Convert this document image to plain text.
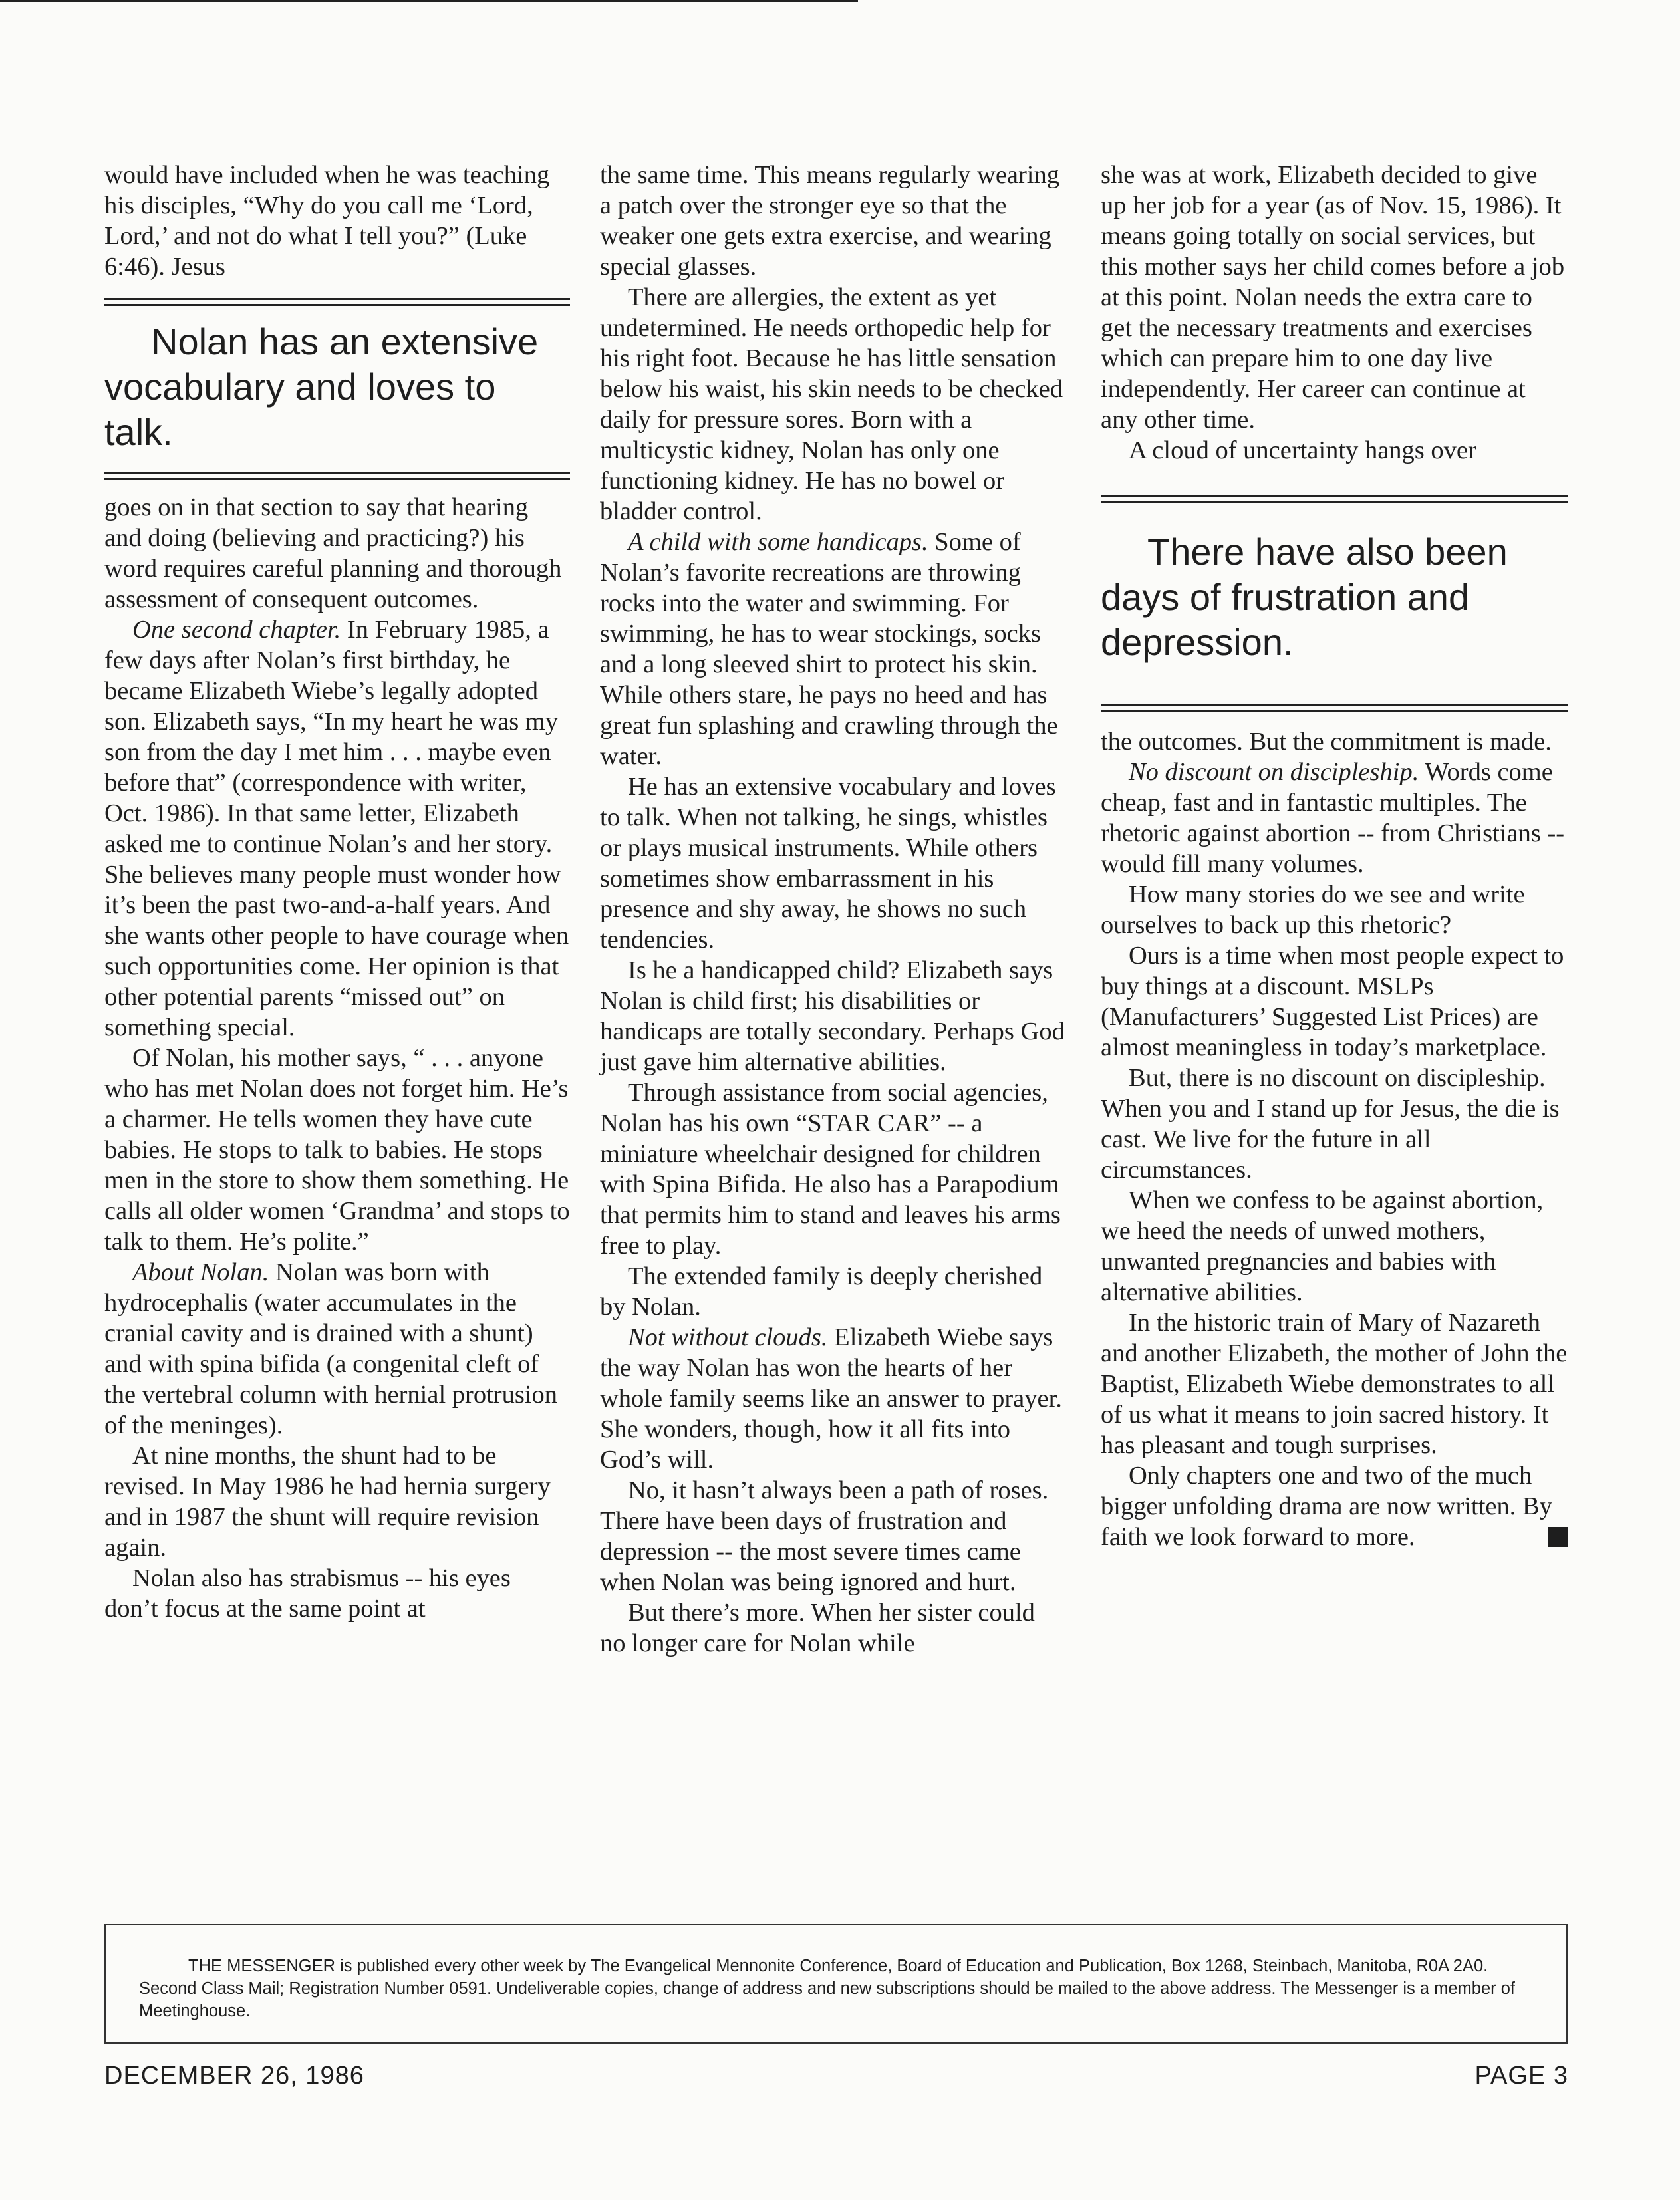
would have included when he was teaching his disciples, “Why do you call me ‘Lord, Lord,’ and not do what I tell you?” (Luke 6:46). Jesus

Nolan has an extensive vocabulary and loves to talk.

goes on in that section to say that hearing and doing (believing and practicing?) his word requires careful planning and thorough assessment of consequent outcomes.

One second chapter. In February 1985, a few days after Nolan’s first birthday, he became Elizabeth Wiebe’s legally adopted son. Elizabeth says, “In my heart he was my son from the day I met him . . . maybe even before that” (correspondence with writer, Oct. 1986). In that same letter, Elizabeth asked me to continue Nolan’s and her story. She believes many people must wonder how it’s been the past two-and-a-half years. And she wants other people to have courage when such opportunities come. Her opinion is that other potential parents “missed out” on something special.

Of Nolan, his mother says, “ . . . anyone who has met Nolan does not forget him. He’s a charmer. He tells women they have cute babies. He stops to talk to babies. He stops men in the store to show them something. He calls all older women ‘Grandma’ and stops to talk to them. He’s polite.”

About Nolan. Nolan was born with hydrocephalis (water accumulates in the cranial cavity and is drained with a shunt) and with spina bifida (a congenital cleft of the vertebral column with hernial protrusion of the meninges).

At nine months, the shunt had to be revised. In May 1986 he had hernia surgery and in 1987 the shunt will require revision again.

Nolan also has strabismus -- his eyes don’t focus at the same point at

the same time. This means regularly wearing a patch over the stronger eye so that the weaker one gets extra exercise, and wearing special glasses.

There are allergies, the extent as yet undetermined. He needs orthopedic help for his right foot. Because he has little sensation below his waist, his skin needs to be checked daily for pressure sores. Born with a multicystic kidney, Nolan has only one functioning kidney. He has no bowel or bladder control.

A child with some handicaps. Some of Nolan’s favorite recreations are throwing rocks into the water and swimming. For swimming, he has to wear stockings, socks and a long sleeved shirt to protect his skin. While others stare, he pays no heed and has great fun splashing and crawling through the water.

He has an extensive vocabulary and loves to talk. When not talking, he sings, whistles or plays musical instruments. While others sometimes show embarrassment in his presence and shy away, he shows no such tendencies.

Is he a handicapped child? Elizabeth says Nolan is child first; his disabilities or handicaps are totally secondary. Perhaps God just gave him alternative abilities.

Through assistance from social agencies, Nolan has his own “STAR CAR” -- a miniature wheelchair designed for children with Spina Bifida. He also has a Parapodium that permits him to stand and leaves his arms free to play.

The extended family is deeply cherished by Nolan.

Not without clouds. Elizabeth Wiebe says the way Nolan has won the hearts of her whole family seems like an answer to prayer. She wonders, though, how it all fits into God’s will.

No, it hasn’t always been a path of roses. There have been days of frustration and depression -- the most severe times came when Nolan was being ignored and hurt.

But there’s more. When her sister could no longer care for Nolan while

she was at work, Elizabeth decided to give up her job for a year (as of Nov. 15, 1986). It means going totally on social services, but this mother says her child comes before a job at this point. Nolan needs the extra care to get the necessary treatments and exercises which can prepare him to one day live independently. Her career can continue at any other time.

A cloud of uncertainty hangs over

There have also been days of frustration and depression.

the outcomes. But the commitment is made.

No discount on discipleship. Words come cheap, fast and in fantastic multiples. The rhetoric against abortion -- from Christians -- would fill many volumes.

How many stories do we see and write ourselves to back up this rhetoric?

Ours is a time when most people expect to buy things at a discount. MSLPs (Manufacturers’ Suggested List Prices) are almost meaningless in today’s marketplace.

But, there is no discount on discipleship. When you and I stand up for Jesus, the die is cast. We live for the future in all circumstances.

When we confess to be against abortion, we heed the needs of unwed mothers, unwanted pregnancies and babies with alternative abilities.

In the historic train of Mary of Nazareth and another Elizabeth, the mother of John the Baptist, Elizabeth Wiebe demonstrates to all of us what it means to join sacred history. It has pleasant and tough surprises.

Only chapters one and two of the much bigger unfolding drama are now written. By faith we look forward to more.

THE MESSENGER is published every other week by The Evangelical Mennonite Conference, Board of Education and Publication, Box 1268, Steinbach, Manitoba, R0A 2A0. Second Class Mail; Registration Number 0591. Undeliverable copies, change of address and new subscriptions should be mailed to the above address. The Messenger is a member of Meetinghouse.

DECEMBER 26, 1986	PAGE 3
